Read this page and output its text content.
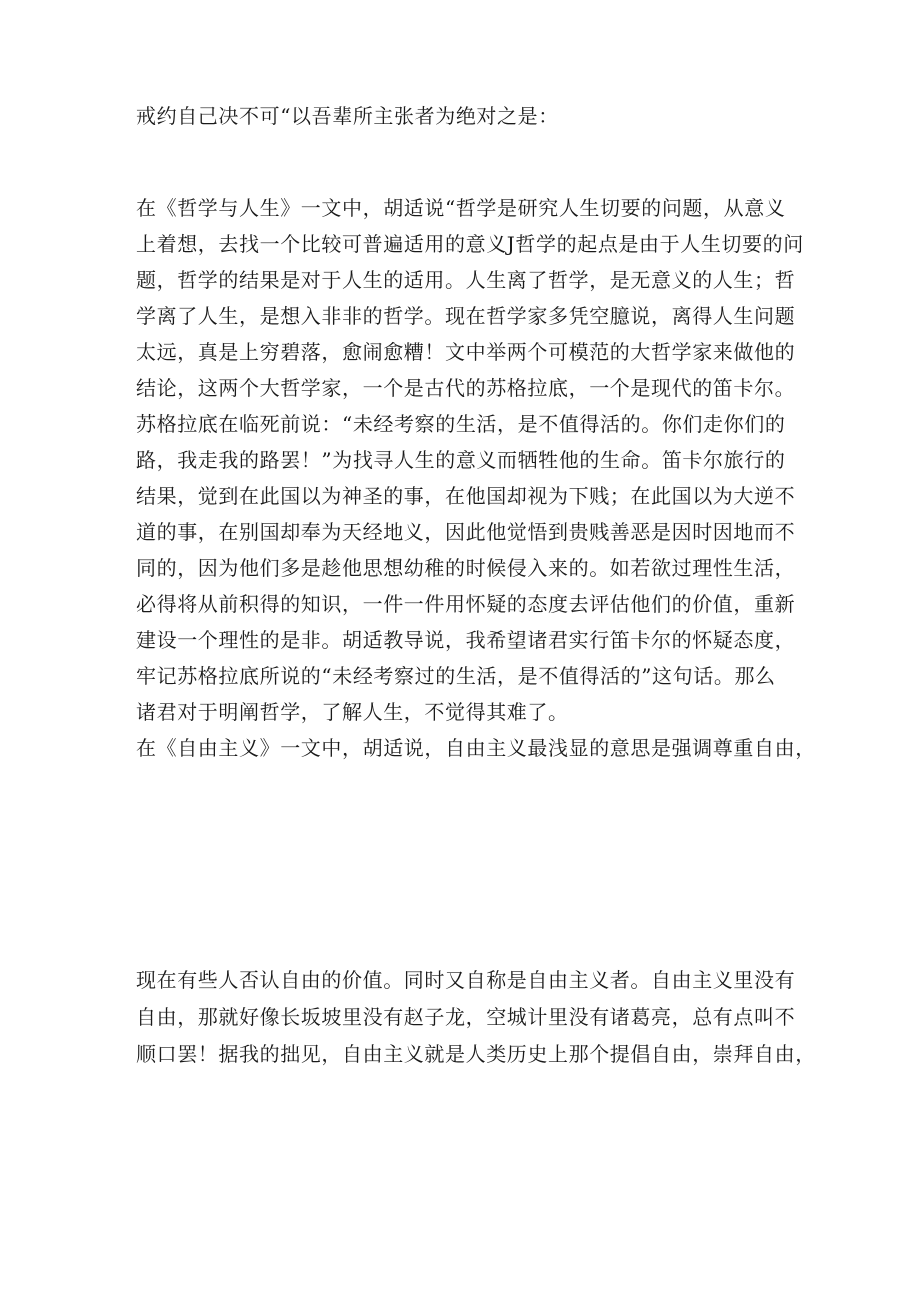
戒约自己决不可“以吾辈所主张者为绝对之是：
在《哲学与人生》一文中，胡适说“哲学是研究人生切要的问题，从意义
上着想，去找一个比较可普遍适用的意义J哲学的起点是由于人生切要的问
题，哲学的结果是对于人生的适用。人生离了哲学，是无意义的人生；哲
学离了人生，是想入非非的哲学。现在哲学家多凭空臆说，离得人生问题
太远，真是上穷碧落，愈闹愈糟！文中举两个可模范的大哲学家来做他的
结论，这两个大哲学家，一个是古代的苏格拉底，一个是现代的笛卡尔。
苏格拉底在临死前说：“未经考察的生活，是不值得活的。你们走你们的
路，我走我的路罢！”为找寻人生的意义而牺牲他的生命。笛卡尔旅行的
结果，觉到在此国以为神圣的事，在他国却视为下贱；在此国以为大逆不
道的事，在别国却奉为天经地义，因此他觉悟到贵贱善恶是因时因地而不
同的，因为他们多是趁他思想幼稚的时候侵入来的。如若欲过理性生活，
必得将从前积得的知识，一件一件用怀疑的态度去评估他们的价值，重新
建设一个理性的是非。胡适教导说，我希望诸君实行笛卡尔的怀疑态度，
牢记苏格拉底所说的“未经考察过的生活，是不值得活的”这句话。那么
诸君对于明阐哲学，了解人生，不觉得其难了。
在《自由主义》一文中，胡适说，自由主义最浅显的意思是强调尊重自由，
现在有些人否认自由的价值。同时又自称是自由主义者。自由主义里没有
自由，那就好像长坂坡里没有赵子龙，空城计里没有诸葛亮，总有点叫不
顺口罢！据我的拙见，自由主义就是人类历史上那个提倡自由，崇拜自由，
